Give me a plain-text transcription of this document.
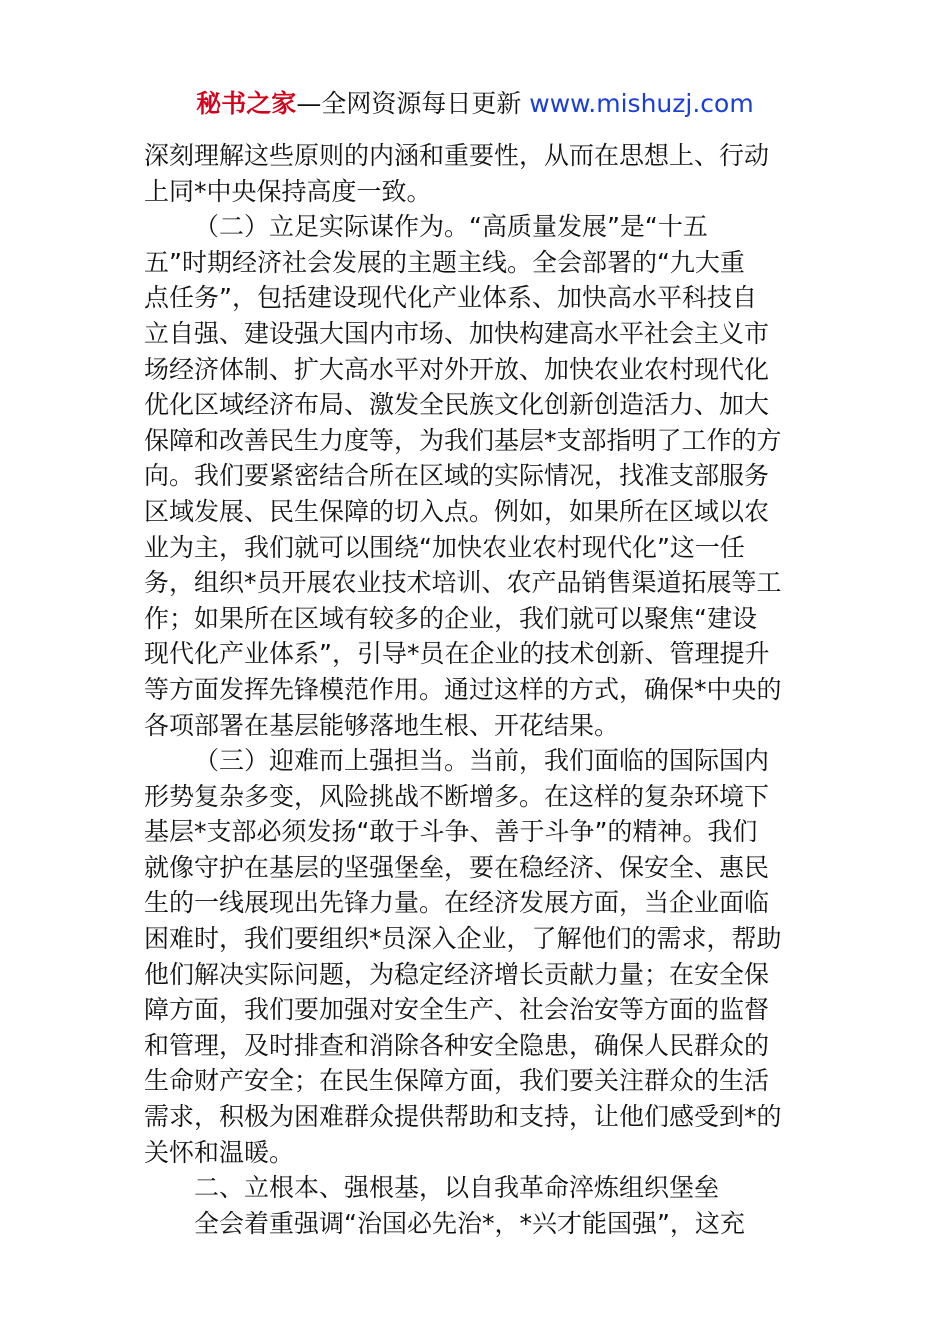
秘书之家—全网资源每日更新 www.mishuzj.com
深刻理解这些原则的内涵和重要性，从而在思想上、行动
上同*中央保持高度一致。
（二）立足实际谋作为。“高质量发展”是“十五
五”时期经济社会发展的主题主线。全会部署的“九大重
点任务”，包括建设现代化产业体系、加快高水平科技自
立自强、建设强大国内市场、加快构建高水平社会主义市
场经济体制、扩大高水平对外开放、加快农业农村现代化
优化区域经济布局、激发全民族文化创新创造活力、加大
保障和改善民生力度等，为我们基层*支部指明了工作的方
向。我们要紧密结合所在区域的实际情况，找准支部服务
区域发展、民生保障的切入点。例如，如果所在区域以农
业为主，我们就可以围绕“加快农业农村现代化”这一任
务，组织*员开展农业技术培训、农产品销售渠道拓展等工
作；如果所在区域有较多的企业，我们就可以聚焦“建设
现代化产业体系”，引导*员在企业的技术创新、管理提升
等方面发挥先锋模范作用。通过这样的方式，确保*中央的
各项部署在基层能够落地生根、开花结果。
（三）迎难而上强担当。当前，我们面临的国际国内
形势复杂多变，风险挑战不断增多。在这样的复杂环境下
基层*支部必须发扬“敢于斗争、善于斗争”的精神。我们
就像守护在基层的坚强堡垒，要在稳经济、保安全、惠民
生的一线展现出先锋力量。在经济发展方面，当企业面临
困难时，我们要组织*员深入企业，了解他们的需求，帮助
他们解决实际问题，为稳定经济增长贡献力量；在安全保
障方面，我们要加强对安全生产、社会治安等方面的监督
和管理，及时排查和消除各种安全隐患，确保人民群众的
生命财产安全；在民生保障方面，我们要关注群众的生活
需求，积极为困难群众提供帮助和支持，让他们感受到*的
关怀和温暖。
二、立根本、强根基，以自我革命淬炼组织堡垒
全会着重强调“治国必先治*，*兴才能国强”，这充
